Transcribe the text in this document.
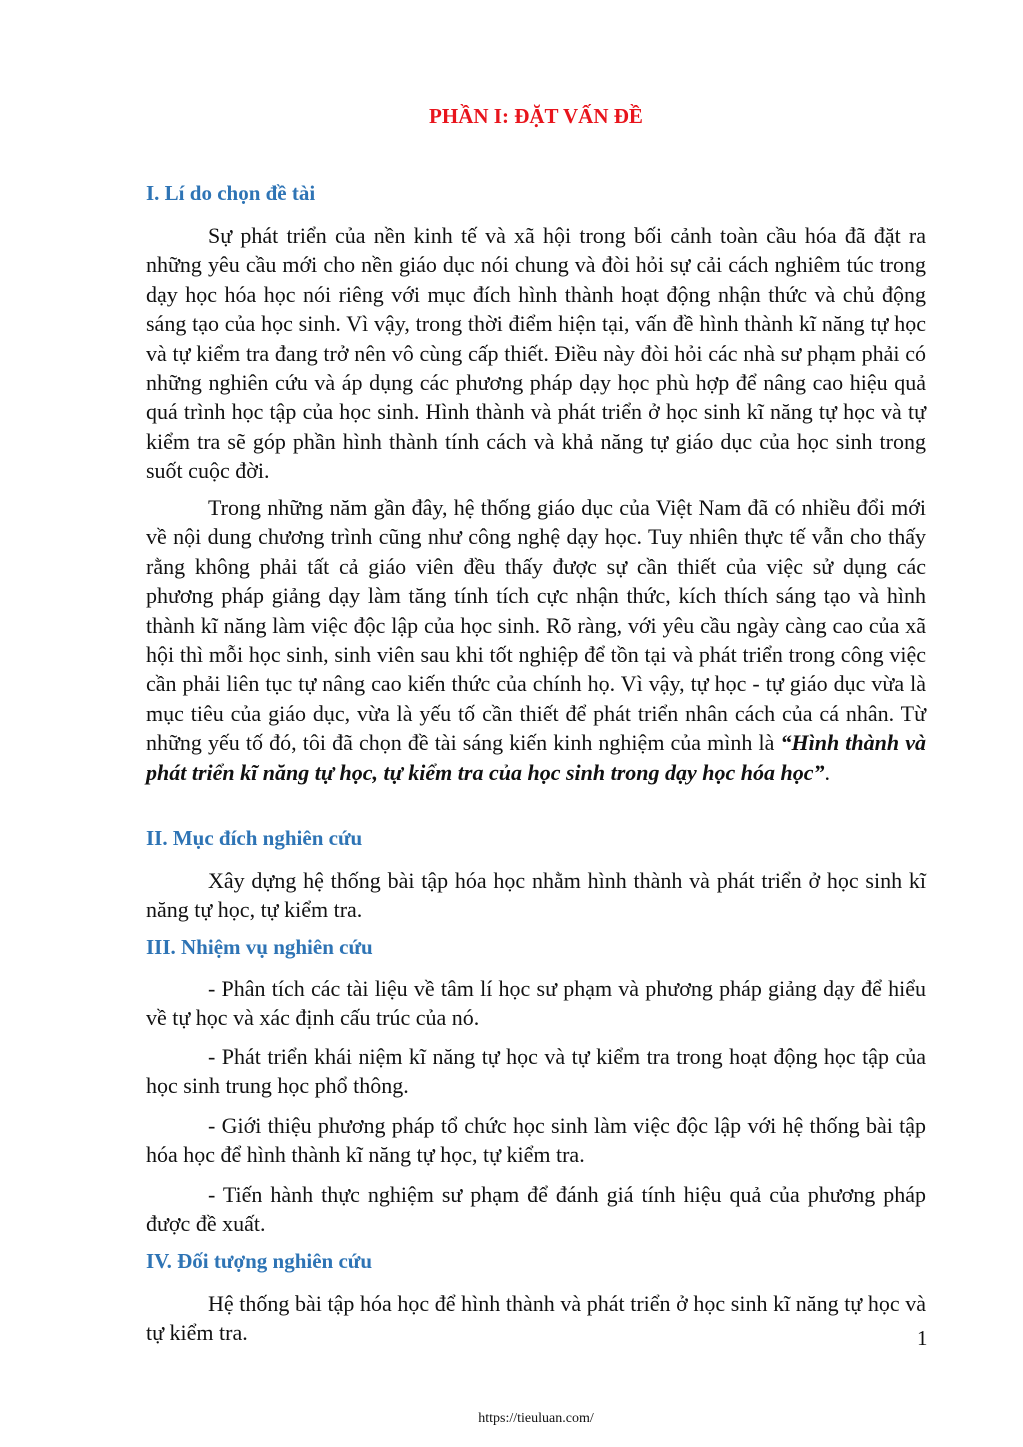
PHẦN I: ĐẶT VẤN ĐỀ
I. Lí do chọn đề tài

Sự phát triển của nền kinh tế và xã hội trong bối cảnh toàn cầu hóa đã đặt ra những yêu cầu mới cho nền giáo dục nói chung và đòi hỏi sự cải cách nghiêm túc trong dạy học hóa học nói riêng với mục đích hình thành hoạt động nhận thức và chủ động sáng tạo của học sinh. Vì vậy, trong thời điểm hiện tại, vấn đề hình thành kĩ năng tự học và tự kiểm tra đang trở nên vô cùng cấp thiết. Điều này đòi hỏi các nhà sư phạm phải có những nghiên cứu và áp dụng các phương pháp dạy học phù hợp để nâng cao hiệu quả quá trình học tập của học sinh. Hình thành và phát triển ở học sinh kĩ năng tự học và tự kiểm tra sẽ góp phần hình thành tính cách và khả năng tự giáo dục của học sinh trong suốt cuộc đời.

Trong những năm gần đây, hệ thống giáo dục của Việt Nam đã có nhiều đổi mới về nội dung chương trình cũng như công nghệ dạy học. Tuy nhiên thực tế vẫn cho thấy rằng không phải tất cả giáo viên đều thấy được sự cần thiết của việc sử dụng các phương pháp giảng dạy làm tăng tính tích cực nhận thức, kích thích sáng tạo và hình thành kĩ năng làm việc độc lập của học sinh. Rõ ràng, với yêu cầu ngày càng cao của xã hội thì mỗi học sinh, sinh viên sau khi tốt nghiệp để tồn tại và phát triển trong công việc cần phải liên tục tự nâng cao kiến thức của chính họ. Vì vậy, tự học - tự giáo dục vừa là mục tiêu của giáo dục, vừa là yếu tố cần thiết để phát triển nhân cách của cá nhân. Từ những yếu tố đó, tôi đã chọn đề tài sáng kiến kinh nghiệm của mình là “Hình thành và phát triển kĩ năng tự học, tự kiểm tra của học sinh trong dạy học hóa học”.

II. Mục đích nghiên cứu

Xây dựng hệ thống bài tập hóa học nhằm hình thành và phát triển ở học sinh kĩ năng tự học, tự kiểm tra.

III. Nhiệm vụ nghiên cứu

- Phân tích các tài liệu về tâm lí học sư phạm và phương pháp giảng dạy để hiểu về tự học và xác định cấu trúc của nó.

- Phát triển khái niệm kĩ năng tự học và tự kiểm tra trong hoạt động học tập của học sinh trung học phổ thông.

- Giới thiệu phương pháp tổ chức học sinh làm việc độc lập với hệ thống bài tập hóa học để hình thành kĩ năng tự học, tự kiểm tra.

- Tiến hành thực nghiệm sư phạm để đánh giá tính hiệu quả của phương pháp được đề xuất.

IV. Đối tượng nghiên cứu

Hệ thống bài tập hóa học để hình thành và phát triển ở học sinh kĩ năng tự học và tự kiểm tra.	1
https://tieuluan.com/
